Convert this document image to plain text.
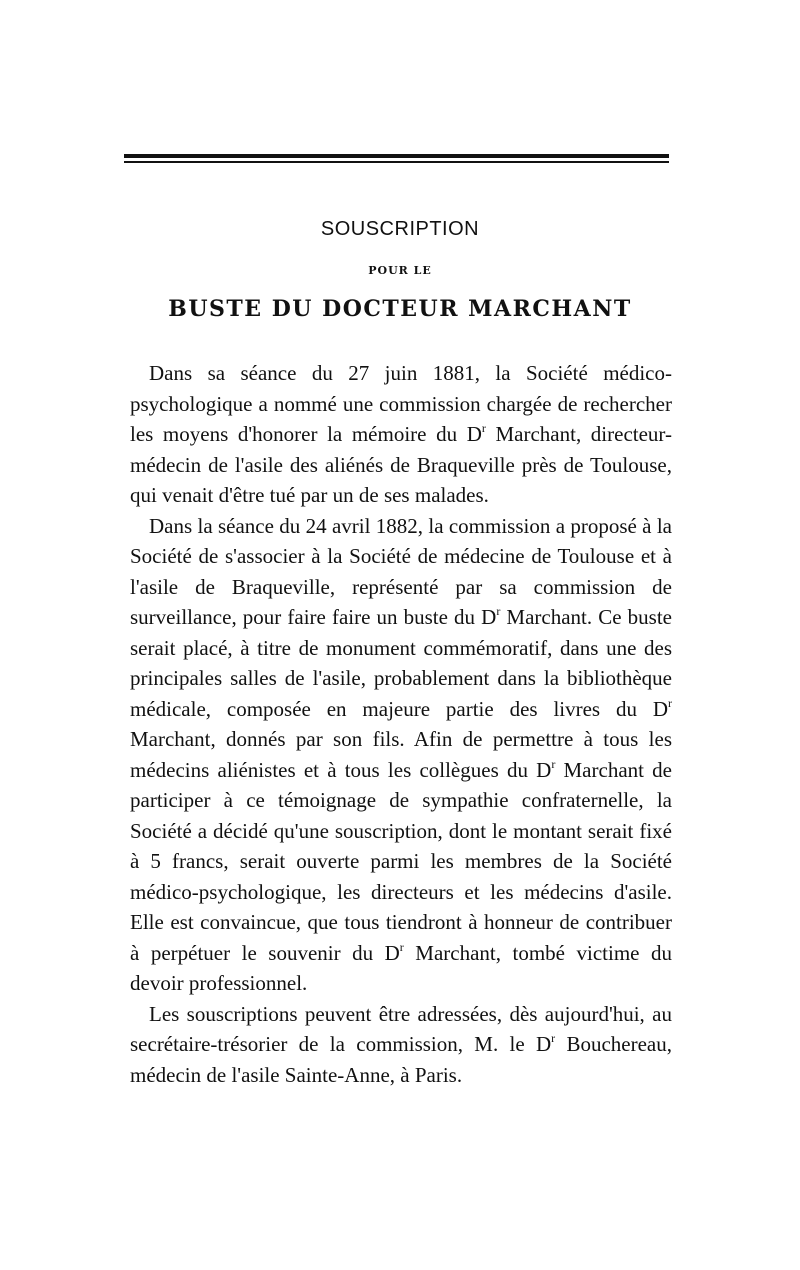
SOUSCRIPTION
POUR LE
BUSTE DU DOCTEUR MARCHANT

Dans sa séance du 27 juin 1881, la Société médico-psychologique a nommé une commission chargée de rechercher les moyens d'honorer la mémoire du $D^r$ Marchant, directeur-médecin de l'asile des aliénés de Braqueville près de Toulouse, qui venait d'être tué par un de ses malades.

Dans la séance du 24 avril 1882, la commission a proposé à la Société de s'associer à la Société de médecine de Toulouse et à l'asile de Braqueville, représenté par sa commission de surveillance, pour faire faire un buste du $D^r$ Marchant. Ce buste serait placé, à titre de monument commémoratif, dans une des principales salles de l'asile, probablement dans la bibliothèque médicale, composée en majeure partie des livres du $D^r$ Marchant, donnés par son fils. Afin de permettre à tous les médecins aliénistes et à tous les collègues du $D^r$ Marchant de participer à ce témoignage de sympathie confraternelle, la Société a décidé qu'une souscription, dont le montant serait fixé à 5 francs, serait ouverte parmi les membres de la Société médico-psychologique, les directeurs et les médecins d'asile. Elle est convaincue, que tous tiendront à honneur de contribuer à perpétuer le souvenir du $D^r$ Marchant, tombé victime du devoir professionnel.

Les souscriptions peuvent être adressées, dès aujourd'hui, au secrétaire-trésorier de la commission, M. le $D^r$ Bouchereau, médecin de l'asile Sainte-Anne, à Paris.
